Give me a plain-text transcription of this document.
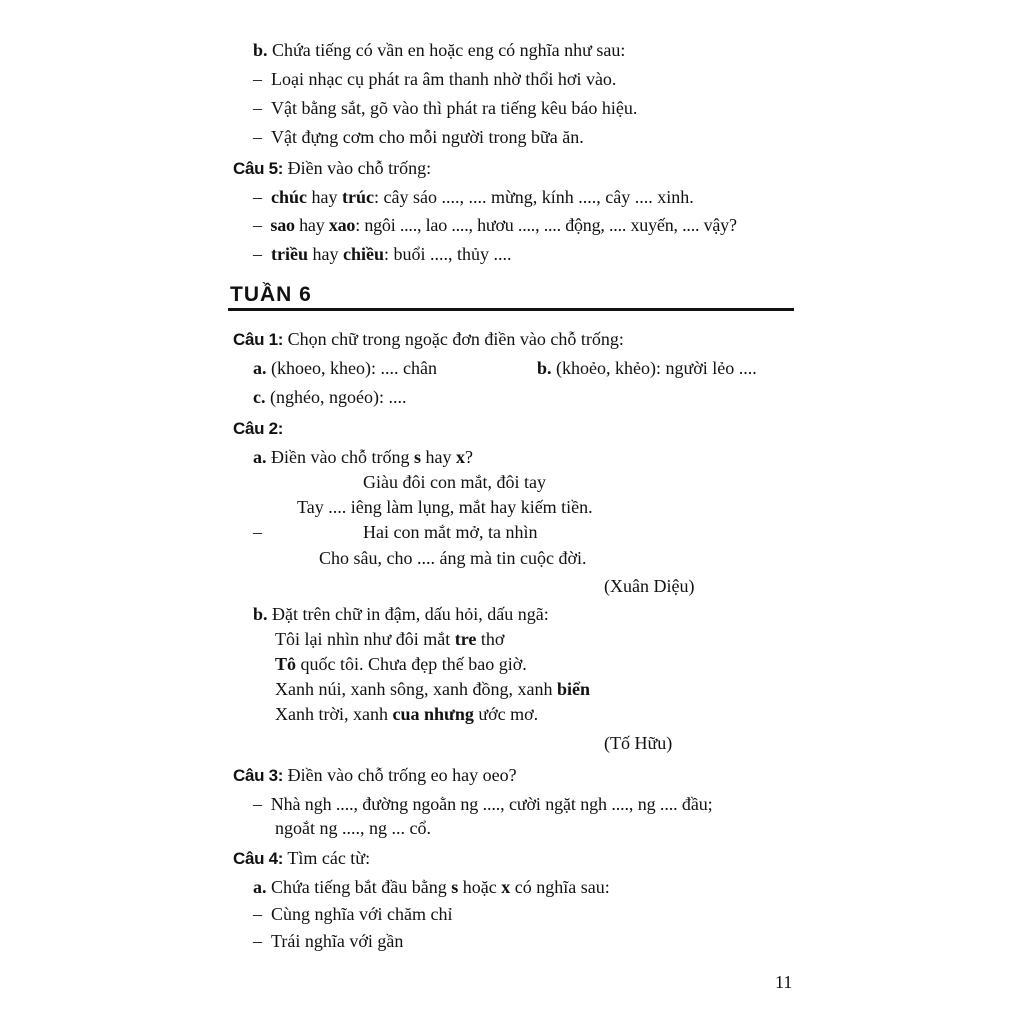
b. Chứa tiếng có vần en hoặc eng có nghĩa như sau:
– Loại nhạc cụ phát ra âm thanh nhờ thổi hơi vào.
– Vật bằng sắt, gõ vào thì phát ra tiếng kêu báo hiệu.
– Vật đựng cơm cho mỗi người trong bữa ăn.
Câu 5: Điền vào chỗ trống:
– chúc hay trúc: cây sáo ...., .... mừng, kính ...., cây .... xinh.
– sao hay xao: ngôi ...., lao ...., hươu ...., .... động, .... xuyến, .... vậy?
– triều hay chiều: buổi ...., thủy ....
TUẦN 6
Câu 1: Chọn chữ trong ngoặc đơn điền vào chỗ trống:
a. (khoeo, kheo): .... chân	b. (khoẻo, khẻo): người lẻo ....
c. (nghéo, ngoéo): ....
Câu 2:
a. Điền vào chỗ trống s hay x?
Giàu đôi con mắt, đôi tay
Tay .... iêng làm lụng, mắt hay kiếm tiền.
–	Hai con mắt mở, ta nhìn
Cho sâu, cho .... áng mà tin cuộc đời.
(Xuân Diệu)
b. Đặt trên chữ in đậm, dấu hỏi, dấu ngã:
Tôi lại nhìn như đôi mắt tre thơ
Tô quốc tôi. Chưa đẹp thế bao giờ.
Xanh núi, xanh sông, xanh đồng, xanh biển
Xanh trời, xanh cua nhưng ước mơ.
(Tố Hữu)
Câu 3: Điền vào chỗ trống eo hay oeo?
– Nhà ngh ...., đường ngoằn ng ...., cười ngặt ngh ...., ng .... đầu;
ngoắt ng ...., ng ... cổ.
Câu 4: Tìm các từ:
a. Chứa tiếng bắt đầu bằng s hoặc x có nghĩa sau:
– Cùng nghĩa với chăm chỉ
– Trái nghĩa với gần
11
